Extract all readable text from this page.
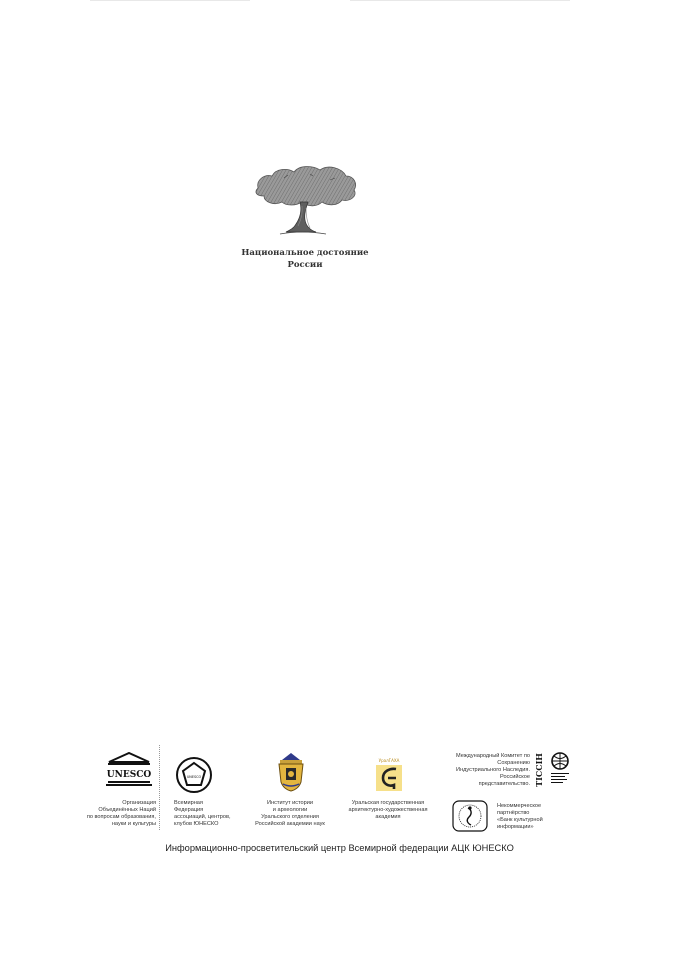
Национальное достояние
России
UNESCO
Организация
Объединённых Наций
по вопросам образования,
науки и культуры
UNESCO
Всемирная
Федерация
ассоциаций, центров,
клубов ЮНЕСКО
Институт истории
и археологии
Уральского отделения
Российской академии наук
УралГАХА
Уральская государственная
архитектурно-художественная
академия
Международный Комитет по
Сохранению
Индустриального Наследия.
Российское
представительство. TICCIH
Некоммерческое
партнёрство
«Банк культурной
информации»
Информационно-просветительский центр Всемирной федерации АЦК ЮНЕСКО
